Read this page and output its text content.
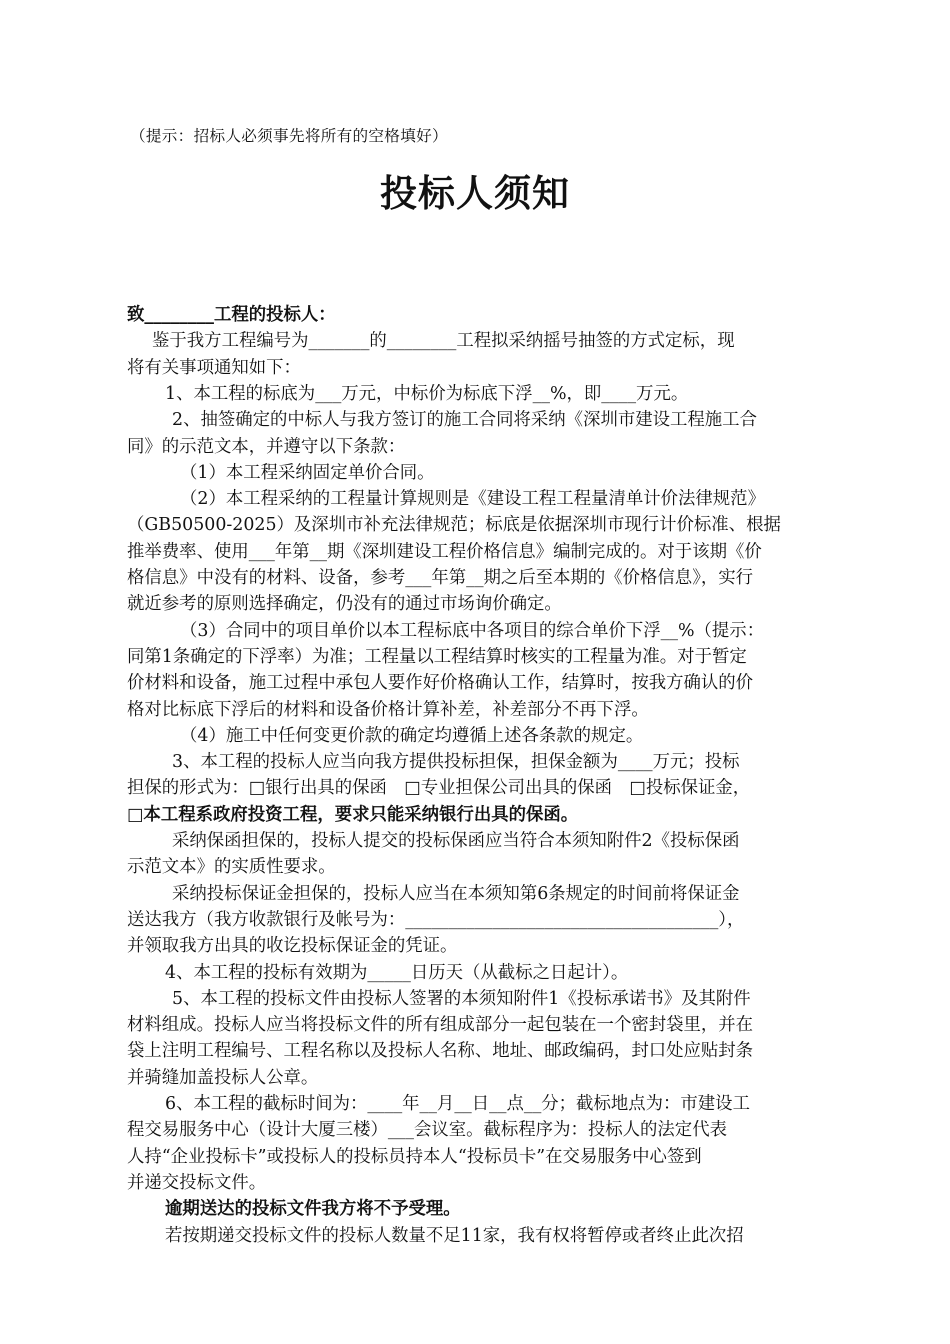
（提示：招标人必须事先将所有的空格填好）
投标人须知
致________工程的投标人：
鉴于我方工程编号为_______的________工程拟采纳摇号抽签的方式定标，现
将有关事项通知如下：
1、本工程的标底为___万元，中标价为标底下浮__%，即____万元。
2、抽签确定的中标人与我方签订的施工合同将采纳《深圳市建设工程施工合
同》的示范文本，并遵守以下条款：
（1）本工程采纳固定单价合同。
（2）本工程采纳的工程量计算规则是《建设工程工程量清单计价法律规范》
（GB50500-2025）及深圳市补充法律规范；标底是依据深圳市现行计价标准、根据
推举费率、使用___年第__期《深圳建设工程价格信息》编制完成的。对于该期《价
格信息》中没有的材料、设备，参考___年第__期之后至本期的《价格信息》，实行
就近参考的原则选择确定，仍没有的通过市场询价确定。
（3）合同中的项目单价以本工程标底中各项目的综合单价下浮__%（提示：
同第1条确定的下浮率）为准；工程量以工程结算时核实的工程量为准。对于暂定
价材料和设备，施工过程中承包人要作好价格确认工作，结算时，按我方确认的价
格对比标底下浮后的材料和设备价格计算补差，补差部分不再下浮。
（4）施工中任何变更价款的确定均遵循上述各条款的规定。
3、本工程的投标人应当向我方提供投标担保，担保金额为____万元；投标
担保的形式为：□银行出具的保函　□专业担保公司出具的保函　□投标保证金，
□本工程系政府投资工程，要求只能采纳银行出具的保函。
采纳保函担保的，投标人提交的投标保函应当符合本须知附件2《投标保函
示范文本》的实质性要求。
采纳投标保证金担保的，投标人应当在本须知第6条规定的时间前将保证金
送达我方（我方收款银行及帐号为：____________________________________），
并领取我方出具的收讫投标保证金的凭证。
4、本工程的投标有效期为_____日历天（从截标之日起计）。
5、本工程的投标文件由投标人签署的本须知附件1《投标承诺书》及其附件
材料组成。投标人应当将投标文件的所有组成部分一起包装在一个密封袋里，并在
袋上注明工程编号、工程名称以及投标人名称、地址、邮政编码，封口处应贴封条
并骑缝加盖投标人公章。
6、本工程的截标时间为：____年__月__日__点__分；截标地点为：市建设工
程交易服务中心（设计大厦三楼）___会议室。截标程序为：投标人的法定代表
人持“企业投标卡”或投标人的投标员持本人“投标员卡”在交易服务中心签到
并递交投标文件。
逾期送达的投标文件我方将不予受理。
若按期递交投标文件的投标人数量不足11家，我有权将暂停或者终止此次招
